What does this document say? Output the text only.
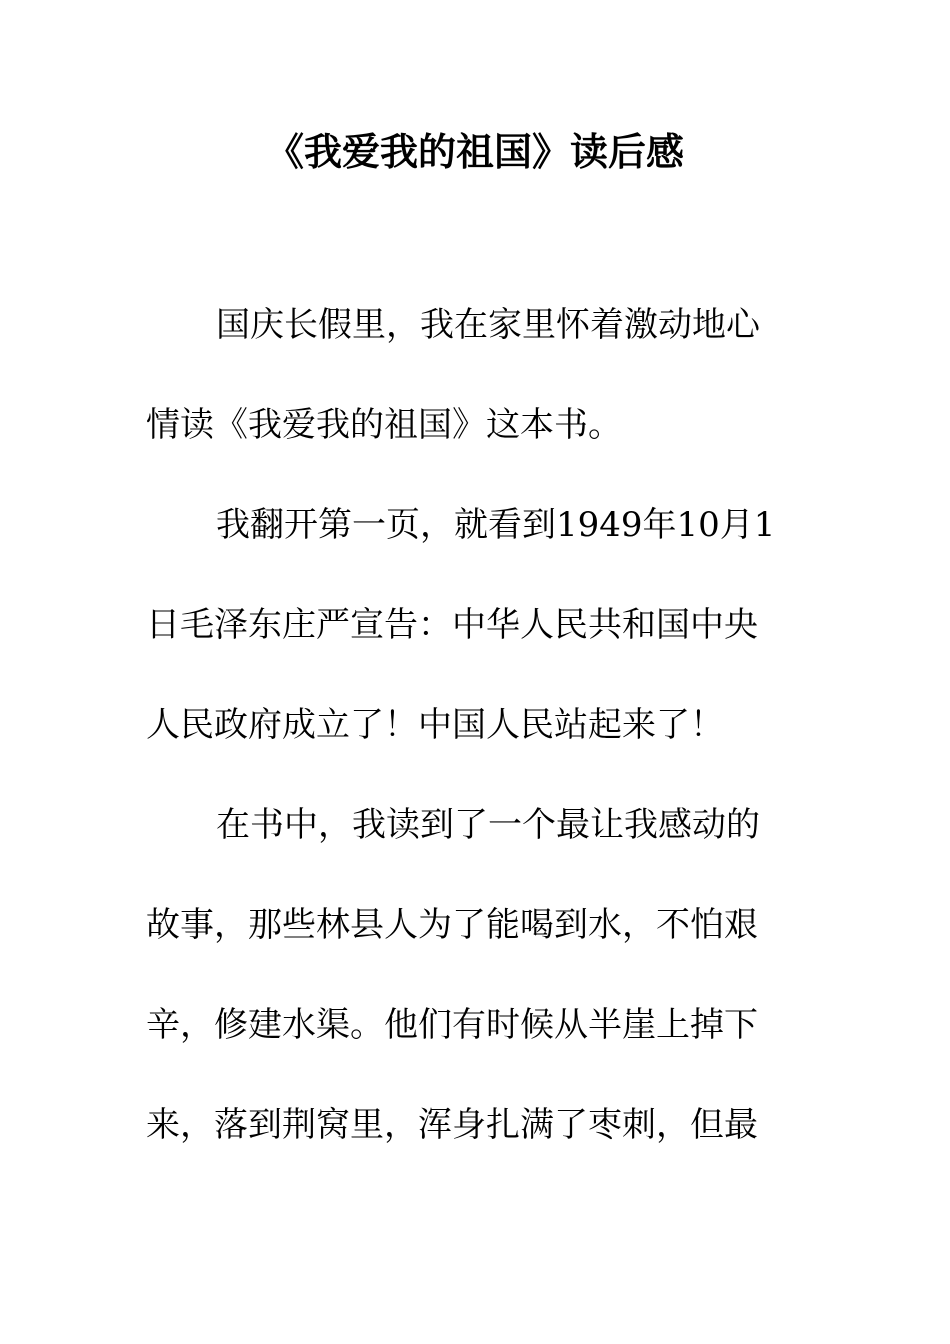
《我爱我的祖国》读后感
国庆长假里，我在家里怀着激动地心
情读《我爱我的祖国》这本书。
我翻开第一页，就看到1949年10月1
日毛泽东庄严宣告：中华人民共和国中央
人民政府成立了！中国人民站起来了！
在书中，我读到了一个最让我感动的
故事，那些林县人为了能喝到水，不怕艰
辛，修建水渠。他们有时候从半崖上掉下
来，落到荆窝里，浑身扎满了枣刺，但最
